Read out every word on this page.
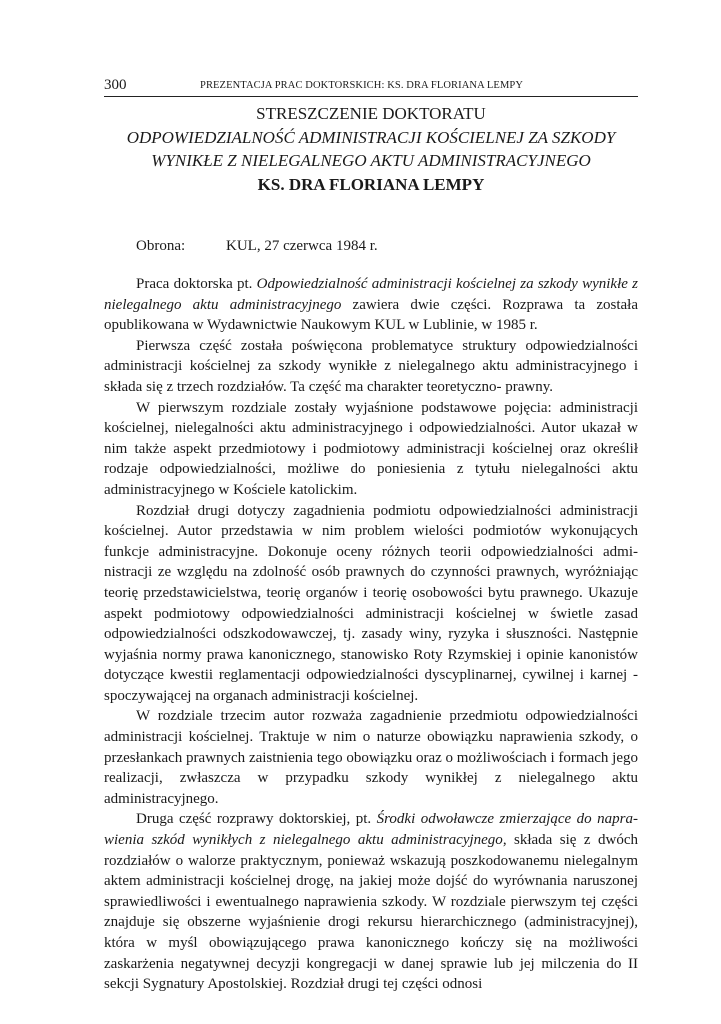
300	PREZENTACJA PRAC DOKTORSKICH: KS. DRA FLORIANA LEMPY
STRESZCZENIE DOKTORATU
ODPOWIEDZIALNOŚĆ ADMINISTRACJI KOŚCIELNEJ ZA SZKODY
WYNIKŁE Z NIELEGALNEGO AKTU ADMINISTRACYJNEGO
KS. DRA FLORIANA LEMPY
Obrona:	KUL, 27 czerwca 1984 r.

Praca doktorska pt. Odpowiedzialność administracji kościelnej za szkody wynikłe z nielegalnego aktu administracyjnego zawiera dwie części. Rozprawa ta została opublikowana w Wydawnictwie Naukowym KUL w Lublinie, w 1985 r.

Pierwsza część została poświęcona problematyce struktury odpowiedzialności administracji kościelnej za szkody wynikłe z nielegalnego aktu administracyjnego i składa się z trzech rozdziałów. Ta część ma charakter teoretyczno- prawny.

W pierwszym rozdziale zostały wyjaśnione podstawowe pojęcia: administracji kościelnej, nielegalności aktu administracyjnego i odpowiedzialności. Autor ukazał w nim także aspekt przedmiotowy i podmiotowy administracji kościelnej oraz określił rodzaje odpowiedzialności, możliwe do poniesienia z tytułu nielegalności aktu administracyjnego w Kościele katolickim.

Rozdział drugi dotyczy zagadnienia podmiotu odpowiedzialności administracji kościelnej. Autor przedstawia w nim problem wielości podmiotów wykonujących funkcje administracyjne. Dokonuje oceny różnych teorii odpowiedzialności administracji ze względu na zdolność osób prawnych do czynności prawnych, wyróżniając teorię przedstawicielstwa, teorię organów i teorię osobowości bytu prawnego. Ukazuje aspekt podmiotowy odpowiedzialności administracji kościelnej w świetle zasad odpowiedzialności odszkodowawczej, tj. zasady winy, ryzyka i słuszności. Następnie wyjaśnia normy prawa kanonicznego, stanowisko Roty Rzymskiej i opinie kanonistów dotyczące kwestii reglamentacji odpowiedzialności dyscyplinarnej, cywilnej i karnej - spoczywającej na organach administracji kościelnej.

W rozdziale trzecim autor rozważa zagadnienie przedmiotu odpowiedzialności administracji kościelnej. Traktuje w nim o naturze obowiązku naprawienia szkody, o przesłankach prawnych zaistnienia tego obowiązku oraz o możliwościach i formach jego realizacji, zwłaszcza w przypadku szkody wynikłej z nielegalnego aktu administracyjnego.

Druga część rozprawy doktorskiej, pt. Środki odwoławcze zmierzające do naprawienia szkód wynikłych z nielegalnego aktu administracyjnego, składa się z dwóch rozdziałów o walorze praktycznym, ponieważ wskazują poszkodowanemu nielegalnym aktem administracji kościelnej drogę, na jakiej może dojść do wyrównania naruszonej sprawiedliwości i ewentualnego naprawienia szkody. W rozdziale pierwszym tej części znajduje się obszerne wyjaśnienie drogi rekursu hierarchicznego (administracyjnej), która w myśl obowiązującego prawa kanonicznego kończy się na możliwości zaskarżenia negatywnej decyzji kongregacji w danej sprawie lub jej milczenia do II sekcji Sygnatury Apostolskiej. Rozdział drugi tej części odnosi
